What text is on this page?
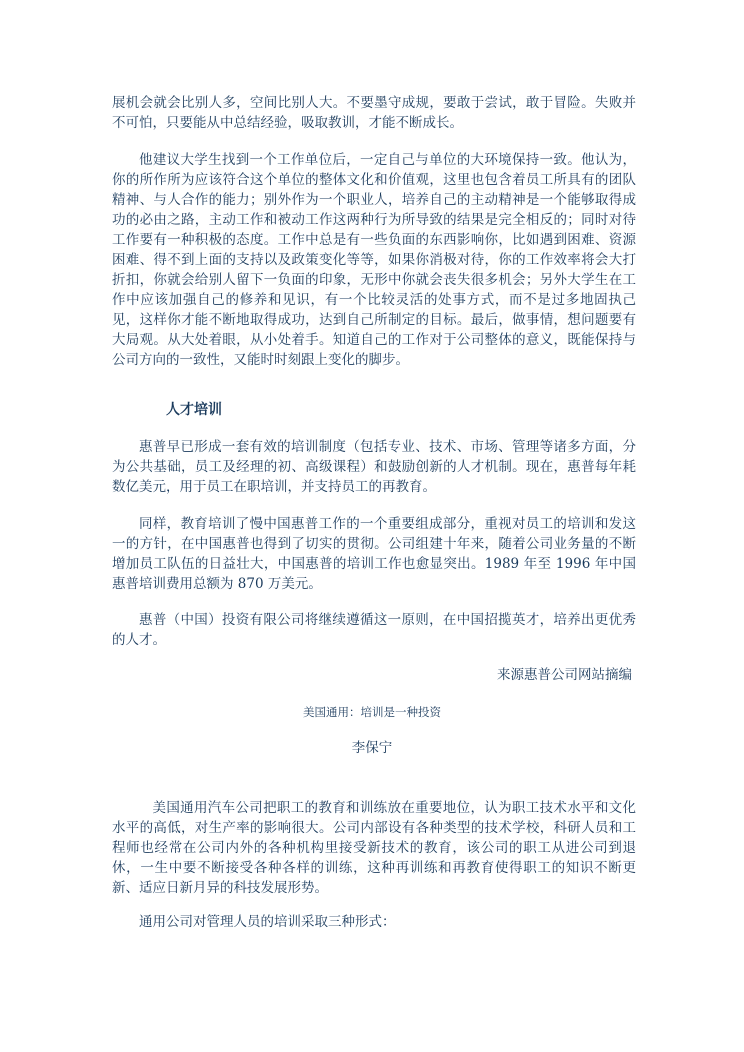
展机会就会比别人多，空间比别人大。不要墨守成规，要敢于尝试，敢于冒险。失败并不可怕，只要能从中总结经验，吸取教训，才能不断成长。

他建议大学生找到一个工作单位后，一定自己与单位的大环境保持一致。他认为，你的所作所为应该符合这个单位的整体文化和价值观，这里也包含着员工所具有的团队精神、与人合作的能力；别外作为一个职业人，培养自己的主动精神是一个能够取得成功的必由之路，主动工作和被动工作这两种行为所导致的结果是完全相反的；同时对待工作要有一种积极的态度。工作中总是有一些负面的东西影响你，比如遇到困难、资源困难、得不到上面的支持以及政策变化等等，如果你消极对待，你的工作效率将会大打折扣，你就会给别人留下一负面的印象，无形中你就会丧失很多机会；另外大学生在工作中应该加强自己的修养和见识，有一个比较灵活的处事方式，而不是过多地固执己见，这样你才能不断地取得成功，达到自己所制定的目标。最后，做事情，想问题要有大局观。从大处着眼，从小处着手。知道自己的工作对于公司整体的意义，既能保持与公司方向的一致性，又能时时刻跟上变化的脚步。

人才培训

惠普早已形成一套有效的培训制度（包括专业、技术、市场、管理等诸多方面，分为公共基础，员工及经理的初、高级课程）和鼓励创新的人才机制。现在，惠普每年耗数亿美元，用于员工在职培训，并支持员工的再教育。

同样，教育培训了慢中国惠普工作的一个重要组成部分，重视对员工的培训和发这一的方针，在中国惠普也得到了切实的贯彻。公司组建十年来，随着公司业务量的不断增加员工队伍的日益壮大，中国惠普的培训工作也愈显突出。1989 年至 1996 年中国惠普培训费用总额为 870 万美元。

惠普（中国）投资有限公司将继续遵循这一原则，在中国招揽英才，培养出更优秀的人才。

来源惠普公司网站摘编

美国通用：培训是一种投资

李保宁

美国通用汽车公司把职工的教育和训练放在重要地位，认为职工技术水平和文化水平的高低，对生产率的影响很大。公司内部设有各种类型的技术学校，科研人员和工程师也经常在公司内外的各种机构里接受新技术的教育，该公司的职工从进公司到退休，一生中要不断接受各种各样的训练，这种再训练和再教育使得职工的知识不断更新、适应日新月异的科技发展形势。

通用公司对管理人员的培训采取三种形式：
